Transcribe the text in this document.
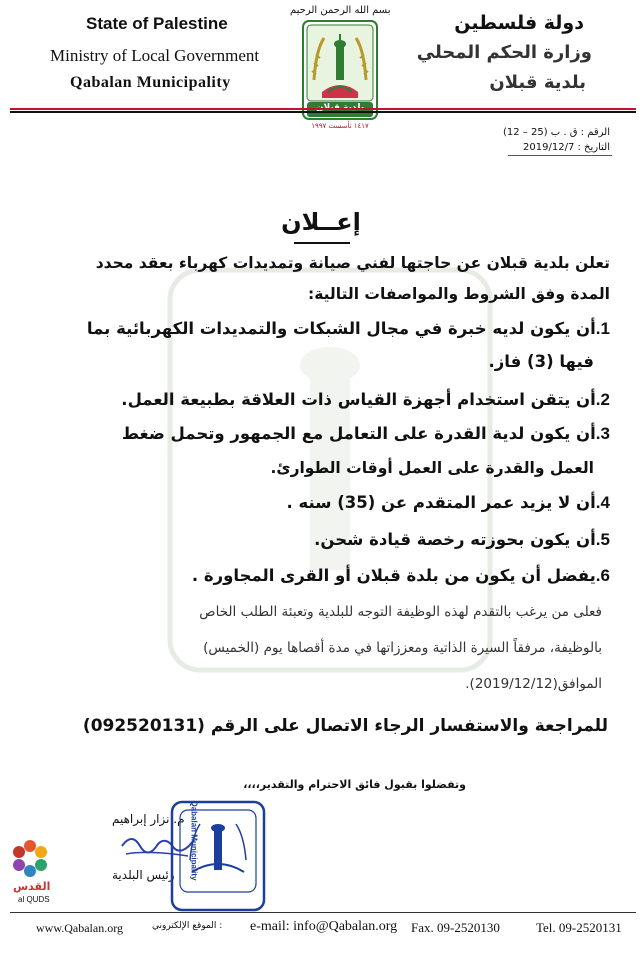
State of Palestine
Ministry of Local Government
Qabalan Municipality
دولة فلسطين
وزارة الحكم المحلي
بلدية قبلان
بسم الله الرحمن الرحيم
١٤١٧ تأسست ١٩٩٧
الرقم : ق . ب (25 – 12)
التاريخ : 2019/12/7
إعــلان
تعلن بلدية قبلان عن حاجتها لفني صيانة وتمديدات كهرباء بعقد محدد
المدة وفق الشروط والمواصفات التالية:
1.أن يكون لديه خبرة في مجال الشبكات والتمديدات الكهربائية بما
فيها (3) فاز.
2.أن يتقن استخدام أجهزة القياس ذات العلاقة بطبيعة العمل.
3.أن يكون لدية القدرة على التعامل مع الجمهور وتحمل ضغط
العمل والقدرة على العمل أوقات الطوارئ.
4.أن لا يزيد عمر المتقدم عن (35) سنه .
5.أن يكون بحوزته رخصة قيادة شحن.
6.يفضل أن يكون من بلدة قبلان أو القرى المجاورة .
فعلى من يرغب بالتقدم لهذه الوظيفة التوجه للبلدية وتعبئة الطلب الخاص
بالوظيفة، مرفقاً السيرة الذاتية ومعززاتها في مدة أقصاها يوم (الخميس)
الموافق(2019/12/12).
للمراجعة والاستفسار الرجاء الاتصال على الرقم (092520131)
وتفضلوا بقبول فائق الاحترام والتقدير،،،،
م. نزار إبراهيم
رئيس البلدية Qabalan Municipality
القدس
al QUDS
www.Qabalan.org	: الموقع الإلكتروني e-mail: info@Qabalan.org Fax. 09-2520130	Tel. 09-2520131
